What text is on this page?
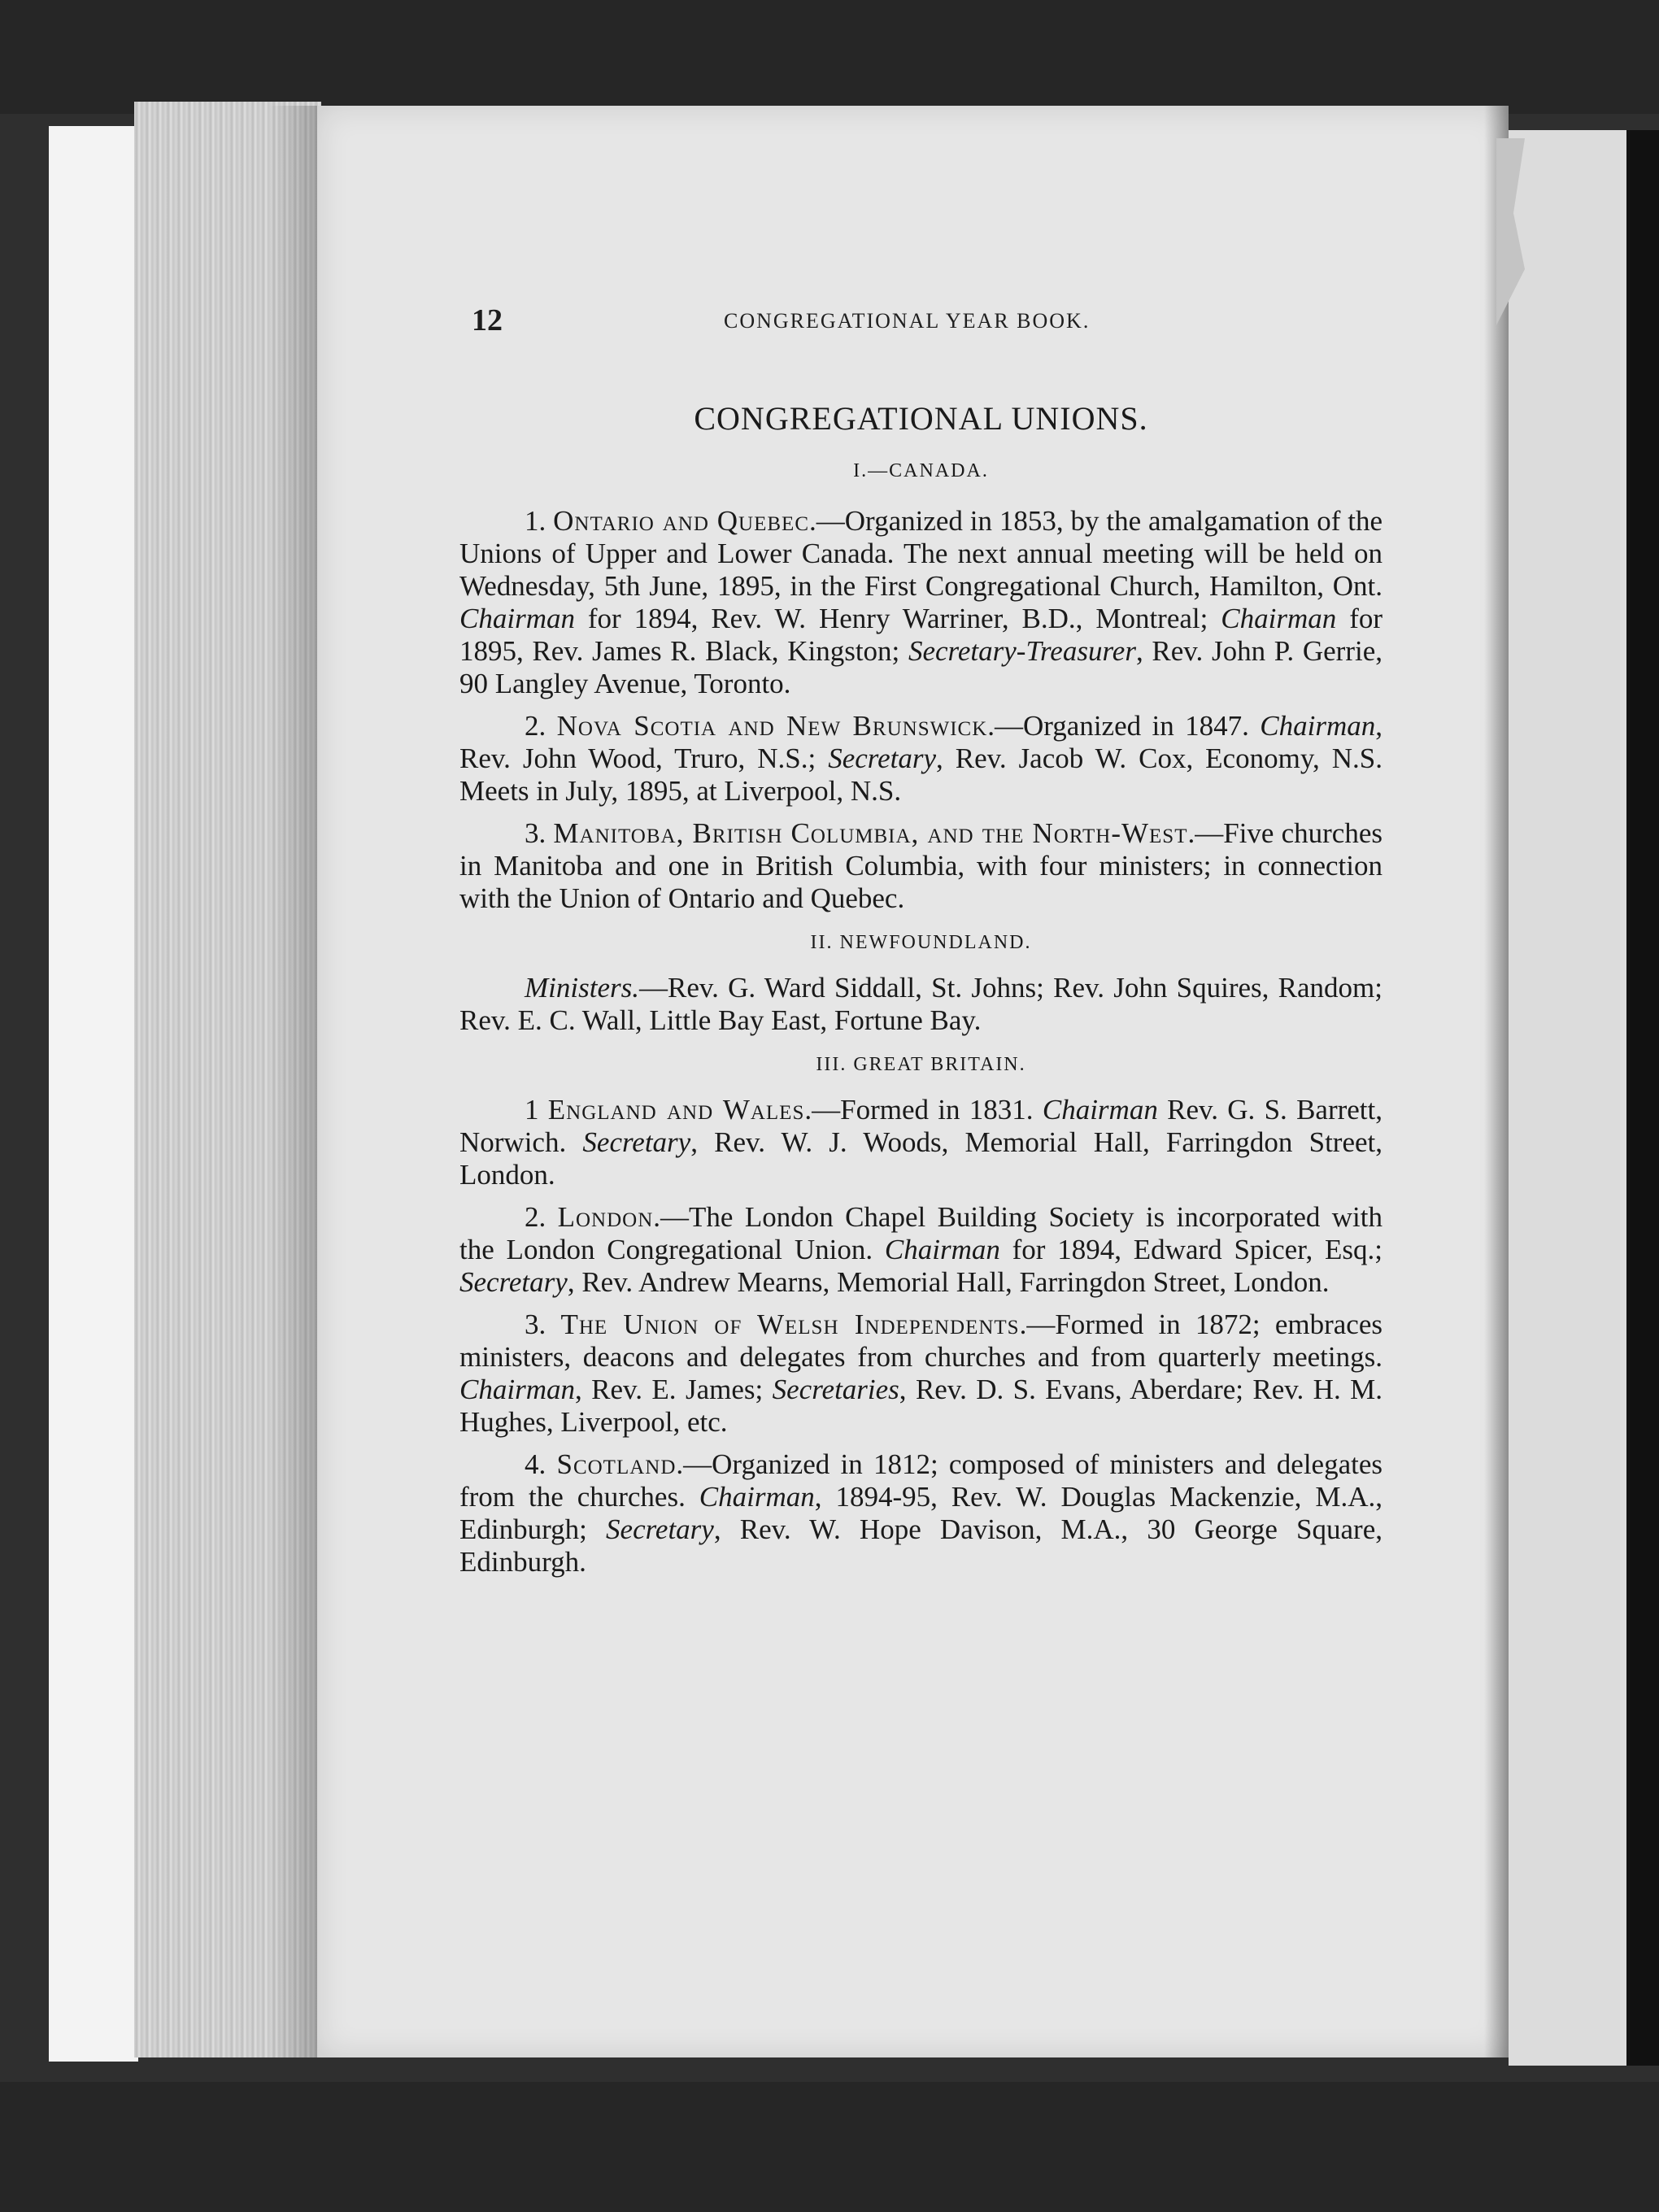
12	CONGREGATIONAL YEAR BOOK.
CONGREGATIONAL UNIONS.
I.—CANADA.

1. Ontario and Quebec.—Organized in 1853, by the amalgamation of the Unions of Upper and Lower Canada. The next annual meeting will be held on Wednesday, 5th June, 1895, in the First Congregational Church, Hamilton, Ont. Chairman for 1894, Rev. W. Henry Warriner, B.D., Montreal; Chairman for 1895, Rev. James R. Black, Kingston; Secretary-Treasurer, Rev. John P. Gerrie, 90 Langley Avenue, Toronto.

2. Nova Scotia and New Brunswick.—Organized in 1847. Chairman, Rev. John Wood, Truro, N.S.; Secretary, Rev. Jacob W. Cox, Economy, N.S. Meets in July, 1895, at Liverpool, N.S.

3. Manitoba, British Columbia, and the North-West.—Five churches in Manitoba and one in British Columbia, with four ministers; in connection with the Union of Ontario and Quebec.

II. NEWFOUNDLAND.

Ministers.—Rev. G. Ward Siddall, St. Johns; Rev. John Squires, Random; Rev. E. C. Wall, Little Bay East, Fortune Bay.

III. GREAT BRITAIN.

1 England and Wales.—Formed in 1831. Chairman Rev. G. S. Barrett, Norwich. Secretary, Rev. W. J. Woods, Memorial Hall, Farringdon Street, London.

2. London.—The London Chapel Building Society is incorporated with the London Congregational Union. Chairman for 1894, Edward Spicer, Esq.; Secretary, Rev. Andrew Mearns, Memorial Hall, Farringdon Street, London.

3. The Union of Welsh Independents.—Formed in 1872; embraces ministers, deacons and delegates from churches and from quarterly meetings. Chairman, Rev. E. James; Secretaries, Rev. D. S. Evans, Aberdare; Rev. H. M. Hughes, Liverpool, etc.

4. Scotland.—Organized in 1812; composed of ministers and delegates from the churches. Chairman, 1894-95, Rev. W. Douglas Mackenzie, M.A., Edinburgh; Secretary, Rev. W. Hope Davison, M.A., 30 George Square, Edinburgh.
